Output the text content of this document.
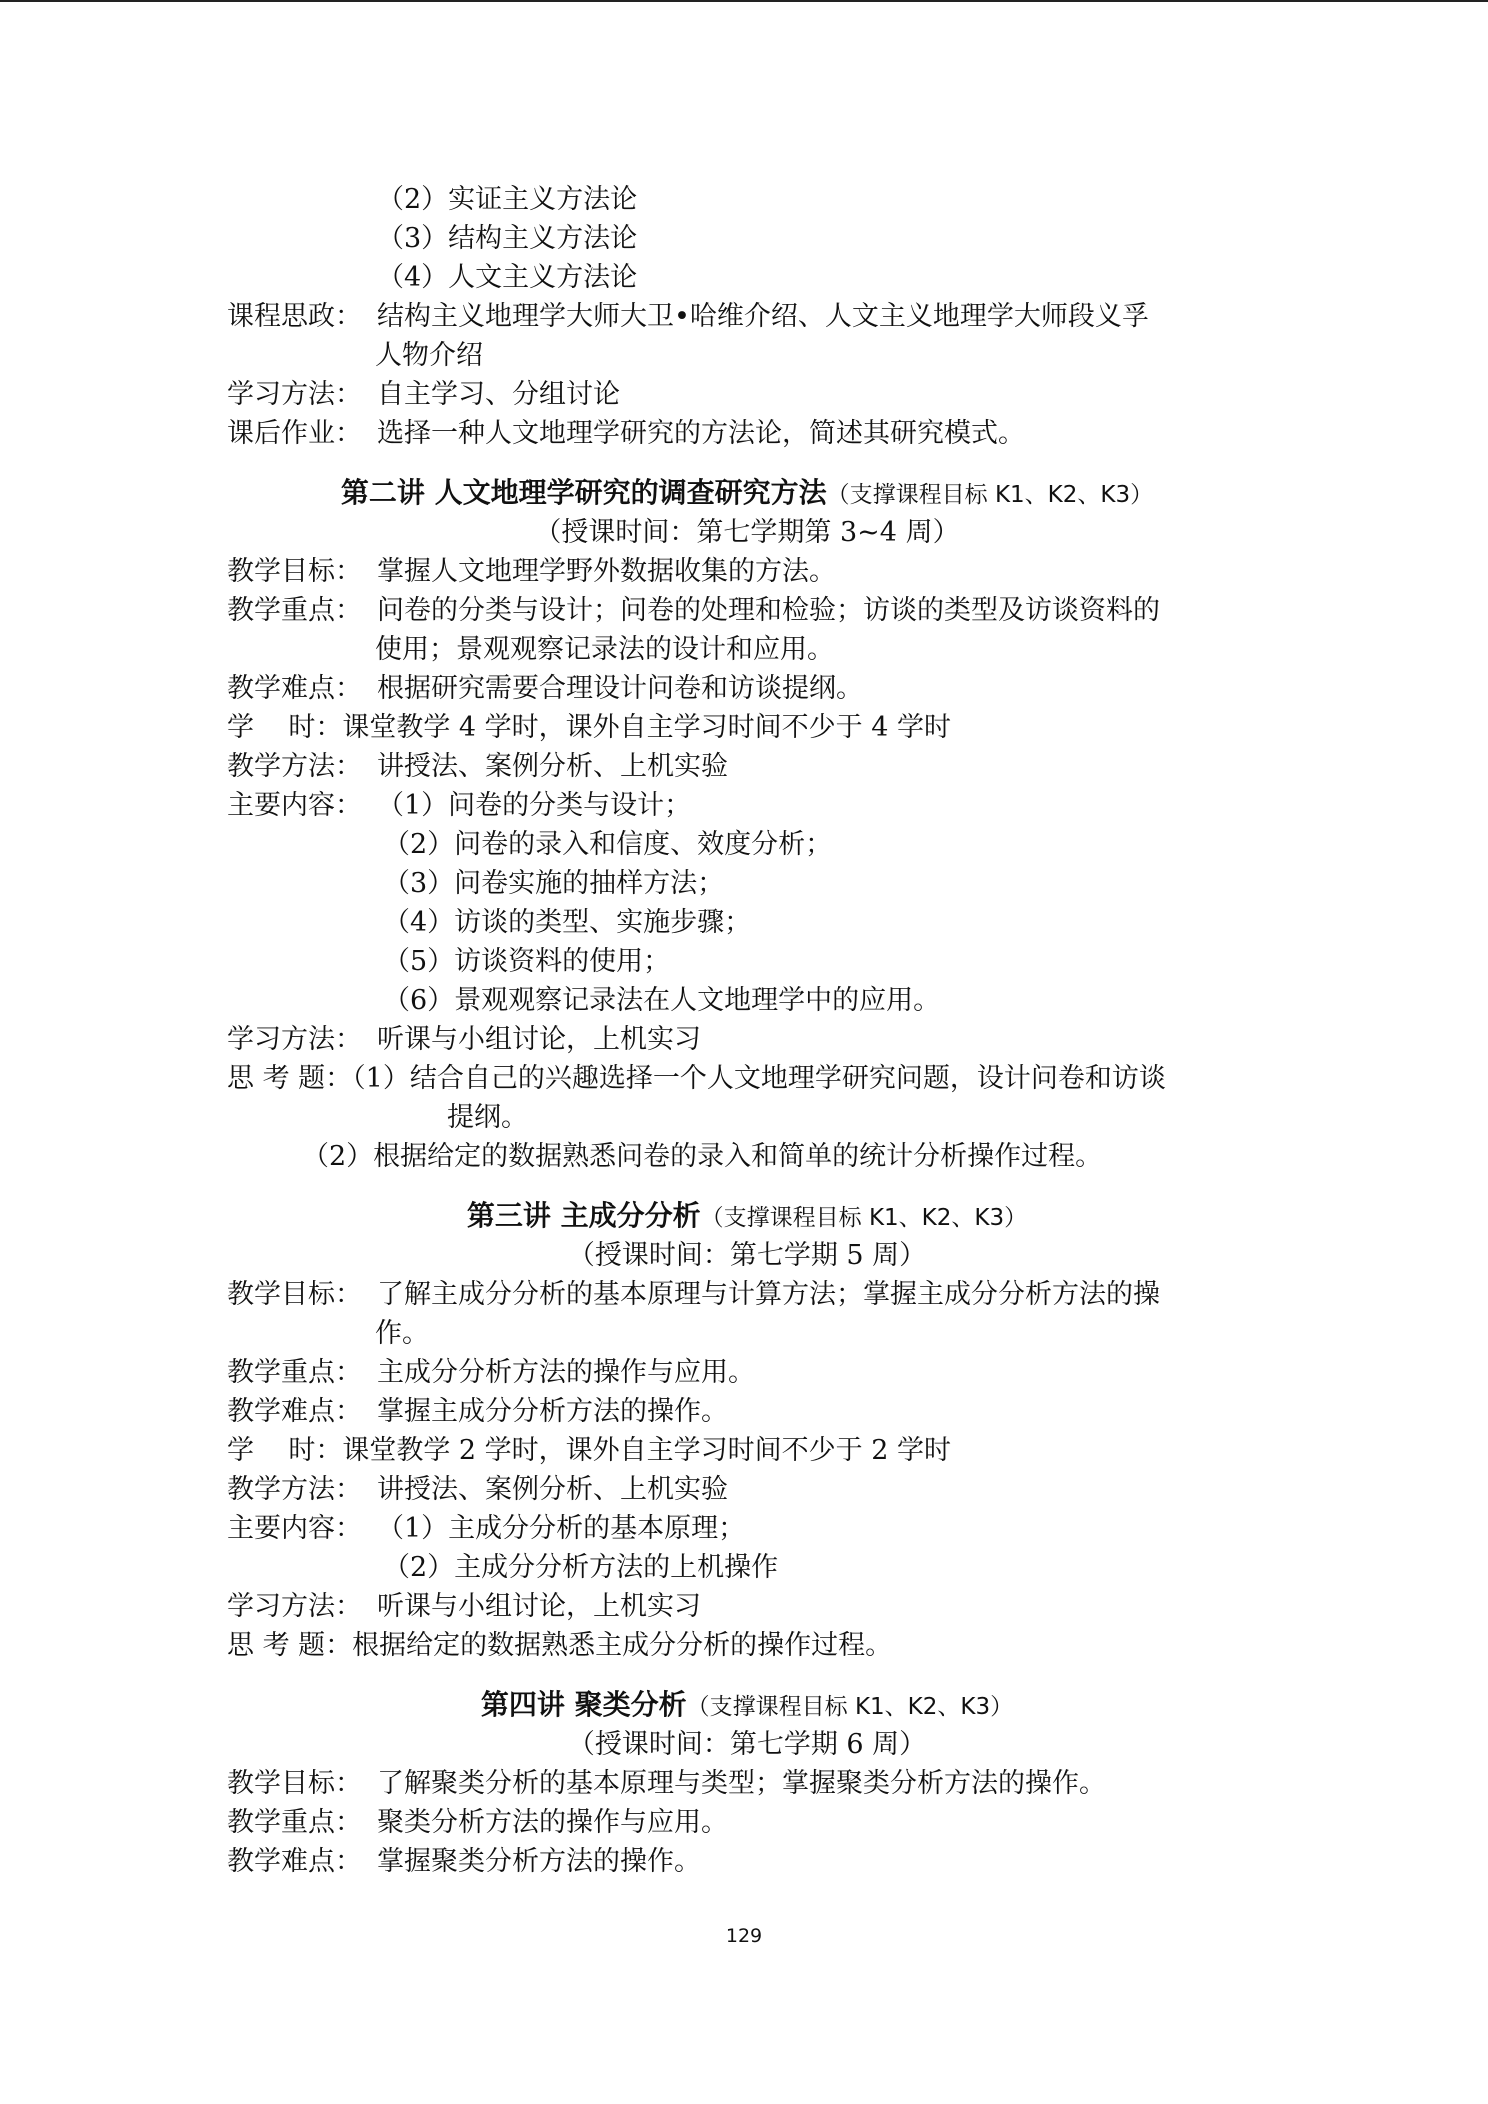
（2）实证主义方法论
（3）结构主义方法论
（4）人文主义方法论
课程思政： 结构主义地理学大师大卫•哈维介绍、人文主义地理学大师段义孚
人物介绍
学习方法： 自主学习、分组讨论
课后作业： 选择一种人文地理学研究的方法论，简述其研究模式。
第二讲 人文地理学研究的调查研究方法（支撑课程目标 K1、K2、K3）
（授课时间：第七学期第 3~4 周）
教学目标： 掌握人文地理学野外数据收集的方法。
教学重点： 问卷的分类与设计；问卷的处理和检验；访谈的类型及访谈资料的
使用；景观观察记录法的设计和应用。
教学难点： 根据研究需要合理设计问卷和访谈提纲。
学    时：课堂教学 4 学时，课外自主学习时间不少于 4 学时
教学方法： 讲授法、案例分析、上机实验
主要内容： （1）问卷的分类与设计；
（2）问卷的录入和信度、效度分析；
（3）问卷实施的抽样方法；
（4）访谈的类型、实施步骤；
（5）访谈资料的使用；
（6）景观观察记录法在人文地理学中的应用。
学习方法： 听课与小组讨论，上机实习
思 考 题：（1）结合自己的兴趣选择一个人文地理学研究问题，设计问卷和访谈
提纲。
（2）根据给定的数据熟悉问卷的录入和简单的统计分析操作过程。
第三讲 主成分分析（支撑课程目标 K1、K2、K3）
（授课时间：第七学期 5 周）
教学目标： 了解主成分分析的基本原理与计算方法；掌握主成分分析方法的操
作。
教学重点： 主成分分析方法的操作与应用。
教学难点： 掌握主成分分析方法的操作。
学    时：课堂教学 2 学时，课外自主学习时间不少于 2 学时
教学方法： 讲授法、案例分析、上机实验
主要内容： （1）主成分分析的基本原理；
（2）主成分分析方法的上机操作
学习方法： 听课与小组讨论，上机实习
思 考 题：根据给定的数据熟悉主成分分析的操作过程。
第四讲 聚类分析（支撑课程目标 K1、K2、K3）
（授课时间：第七学期 6 周）
教学目标： 了解聚类分析的基本原理与类型；掌握聚类分析方法的操作。
教学重点： 聚类分析方法的操作与应用。
教学难点： 掌握聚类分析方法的操作。
129
